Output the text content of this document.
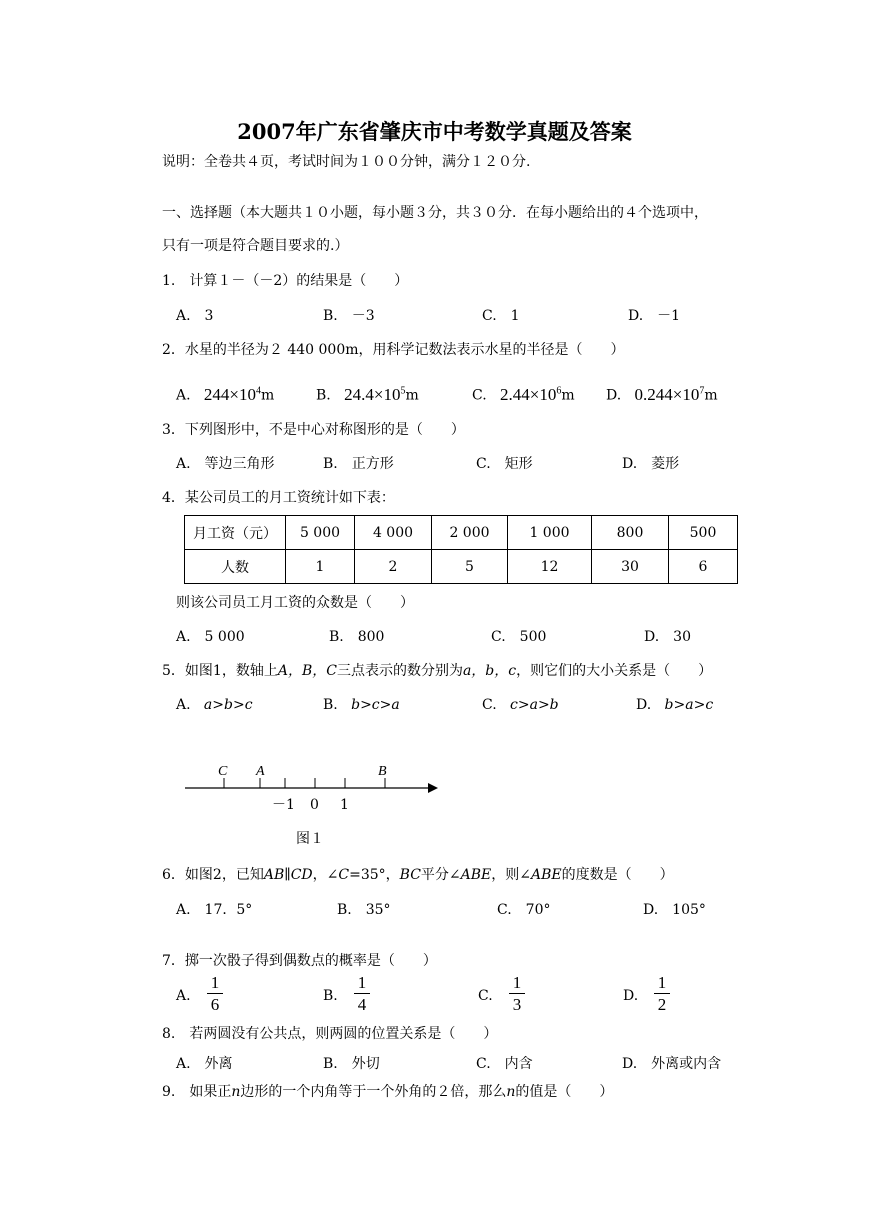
2007年广东省肇庆市中考数学真题及答案
说明：全卷共４页，考试时间为１００分钟，满分１２０分.
一、选择题（本大题共１０小题，每小题３分，共３０分．在每小题给出的４个选项中，
只有一项是符合题目要求的.）
1.　计算１－（－2）的结果是（　　）
A.　3	B.　－3	C.　1	D.　－1
2．水星的半径为２ 440 000m，用科学记数法表示水星的半径是（　　）
A. $244\times 10^4m$	B. $24.4\times 10^5m$	C. $2.44\times 10^6m$ D. $0.244\times 10^7m$
3．下列图形中，不是中心对称图形的是（　　）
A.　等边三角形	B.　正方形	C.　矩形	D.　菱形
4．某公司员工的月工资统计如下表：
月工资（元）	5 000	4 000	2 000	1 000	800	500
人数	1	2	5	12	30	6
则该公司员工月工资的众数是（　　）
A.　5 000	B.　800	C.　500	D.　30
5．如图1，数轴上A，B，C三点表示的数分别为a，b，c，则它们的大小关系是（　　）
A. a>b>c	B. b>c>a	C. c>a>b	D. b>a>c
C A	B
－1 0 1
图１
6．如图2，已知AB∥CD，∠C=35°，BC平分∠ABE，则∠ABE的度数是（　　）
A.　17．5°	B.　35°	C.　70°	D.　105°
7．掷一次骰子得到偶数点的概率是（　　）
A.
1
6	B.
1
4	C.
1
3	D.
1
2
8.　若两圆没有公共点，则两圆的位置关系是（　　）
A.　外离	B.　外切	C.　内含	D.　外离或内含
9.　如果正n边形的一个内角等于一个外角的２倍，那么n的值是（　　）
